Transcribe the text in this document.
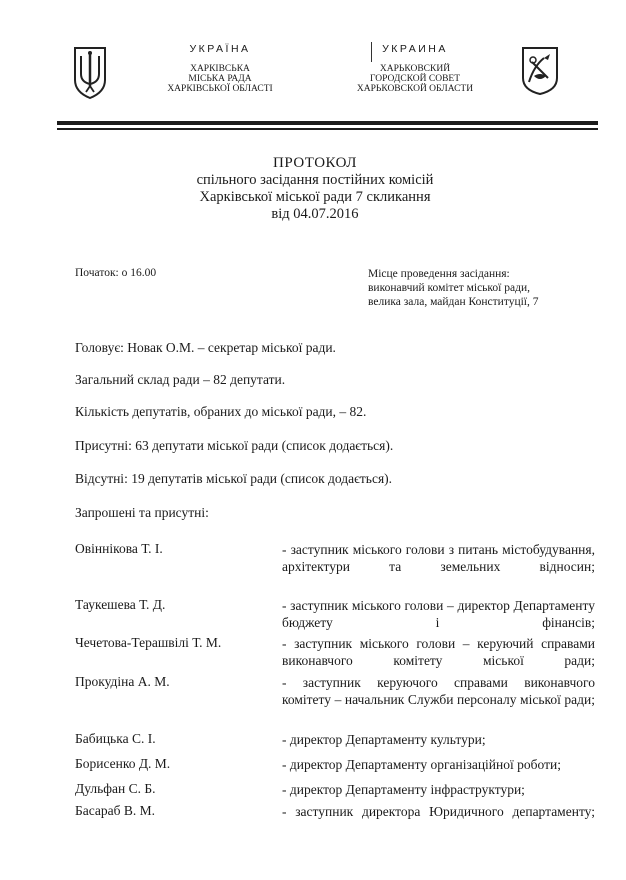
УКРАЇНА
ХАРКІВСЬКА
МІСЬКА РАДА
ХАРКІВСЬКОЇ ОБЛАСТІ
УКРАИНА
ХАРЬКОВСКИЙ
ГОРОДСКОЙ СОВЕТ
ХАРЬКОВСКОЙ ОБЛАСТИ
ПРОТОКОЛ
спільного засідання постійних комісій
Харківської міської ради 7 скликання
від 04.07.2016
Початок: о 16.00	Місце проведення засідання:
виконавчий комітет міської ради,
велика зала, майдан Конституції, 7
Головує: Новак О.М. – секретар міської ради.
Загальний склад ради – 82 депутати.
Кількість депутатів, обраних до міської ради, – 82.
Присутні: 63 депутати міської ради (список додається).
Відсутні: 19 депутатів міської ради (список додається).
Запрошені та присутні:
Овіннікова Т. І.	- заступник міського голови з питань містобудування, архітектури та земельних відносин;
Таукешева Т. Д.	- заступник міського голови – директор Департаменту бюджету і фінансів;
Чечетова-Терашвілі Т. М.	- заступник міського голови – керуючий справами виконавчого комітету міської ради;
Прокудіна А. М.	- заступник керуючого справами виконавчого комітету – начальник Служби персоналу міської ради;
Бабицька С. І.	- директор Департаменту культури;
Борисенко Д. М.	- директор Департаменту організаційної роботи;
Дульфан С. Б.	- директор Департаменту інфраструктури;
Басараб В. М.	- заступник директора Юридичного департаменту;
